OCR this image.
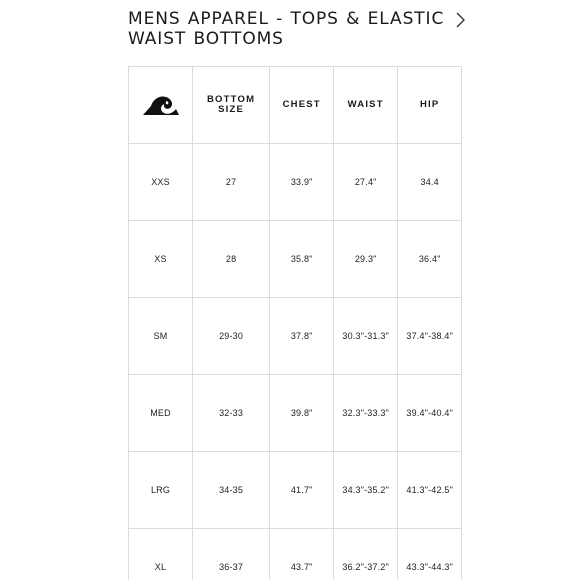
MENS APPAREL - TOPS & ELASTIC WAIST BOTTOMS
	BOTTOM SIZE	CHEST	WAIST	HIP
XXS	27	33.9"	27.4"	34.4
XS	28	35.8"	29.3"	36.4"
SM	29-30	37.8"	30.3"-31.3"	37.4"-38.4"
MED	32-33	39.8"	32.3"-33.3"	39.4"-40.4"
LRG	34-35	41.7"	34.3"-35.2"	41.3"-42.5"
XL	36-37	43.7"	36.2"-37.2"	43.3"-44.3"
